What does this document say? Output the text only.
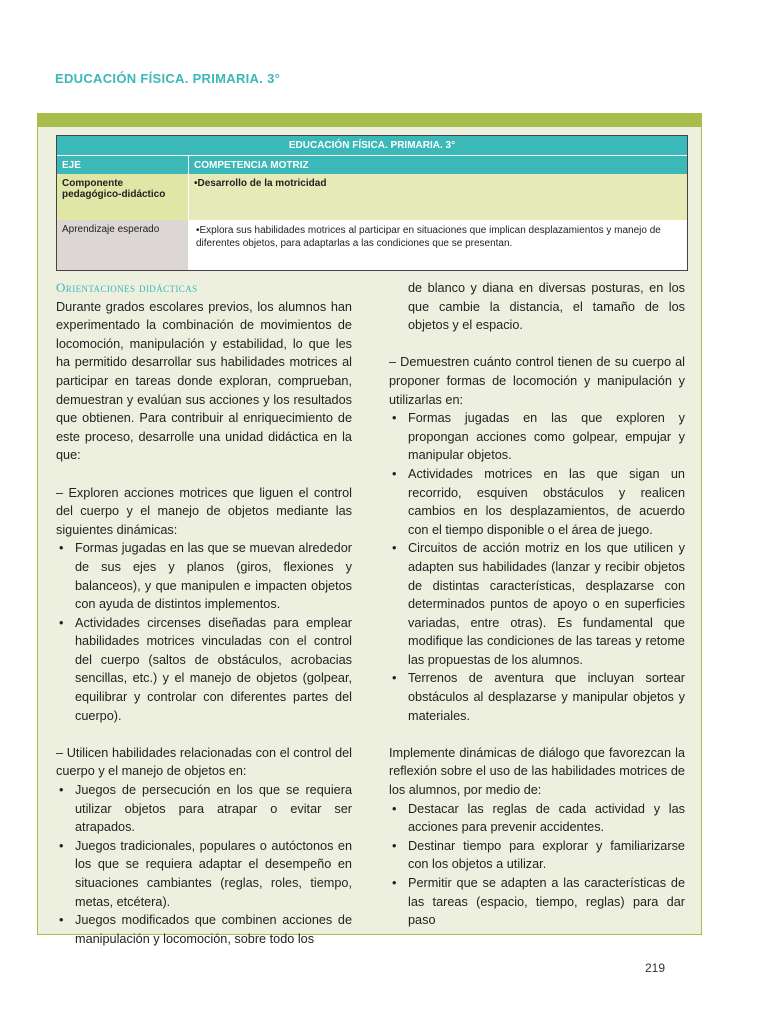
EDUCACIÓN FÍSICA. PRIMARIA. 3°
EDUCACIÓN FÍSICA. PRIMARIA. 3°	
EJE	COMPETENCIA MOTRIZ
Componente pedagógico-didáctico	•Desarrollo de la motricidad
Aprendizaje esperado	•Explora sus habilidades motrices al participar en situaciones que implican desplazamientos y manejo de diferentes objetos, para adaptarlas a las condiciones que se presentan.
Orientaciones didácticas

Durante grados escolares previos, los alumnos han experimentado la combinación de movimientos de locomoción, manipulación y estabilidad, lo que les ha permitido desarrollar sus habilidades motrices al participar en tareas donde exploran, comprueban, demuestran y evalúan sus acciones y los resultados que obtienen. Para contribuir al enriquecimiento de este proceso, desarrolle una unidad didáctica en la que:

– Exploren acciones motrices que liguen el control del cuerpo y el manejo de objetos mediante las siguientes dinámicas:

• Formas jugadas en las que se muevan alrededor de sus ejes y planos (giros, flexiones y balanceos), y que manipulen e impacten objetos con ayuda de distintos implementos.
• Actividades circenses diseñadas para emplear habilidades motrices vinculadas con el control del cuerpo (saltos de obstáculos, acrobacias sencillas, etc.) y el manejo de objetos (golpear, equilibrar y controlar con diferentes partes del cuerpo).

– Utilicen habilidades relacionadas con el control del cuerpo y el manejo de objetos en:

• Juegos de persecución en los que se requiera utilizar objetos para atrapar o evitar ser atrapados.
• Juegos tradicionales, populares o autóctonos en los que se requiera adaptar el desempeño en situaciones cambiantes (reglas, roles, tiempo, metas, etcétera).
• Juegos modificados que combinen acciones de manipulación y locomoción, sobre todo los

de blanco y diana en diversas posturas, en los que cambie la distancia, el tamaño de los objetos y el espacio.

– Demuestren cuánto control tienen de su cuerpo al proponer formas de locomoción y manipulación y utilizarlas en:

• Formas jugadas en las que exploren y propongan acciones como golpear, empujar y manipular objetos.
• Actividades motrices en las que sigan un recorrido, esquiven obstáculos y realicen cambios en los desplazamientos, de acuerdo con el tiempo disponible o el área de juego.
• Circuitos de acción motriz en los que utilicen y adapten sus habilidades (lanzar y recibir objetos de distintas características, desplazarse con determinados puntos de apoyo o en superficies variadas, entre otras). Es fundamental que modifique las condiciones de las tareas y retome las propuestas de los alumnos.
• Terrenos de aventura que incluyan sortear obstáculos al desplazarse y manipular objetos y materiales.

Implemente dinámicas de diálogo que favorezcan la reflexión sobre el uso de las habilidades motrices de los alumnos, por medio de:

• Destacar las reglas de cada actividad y las acciones para prevenir accidentes.
• Destinar tiempo para explorar y familiarizarse con los objetos a utilizar.
• Permitir que se adapten a las características de las tareas (espacio, tiempo, reglas) para dar paso
219
